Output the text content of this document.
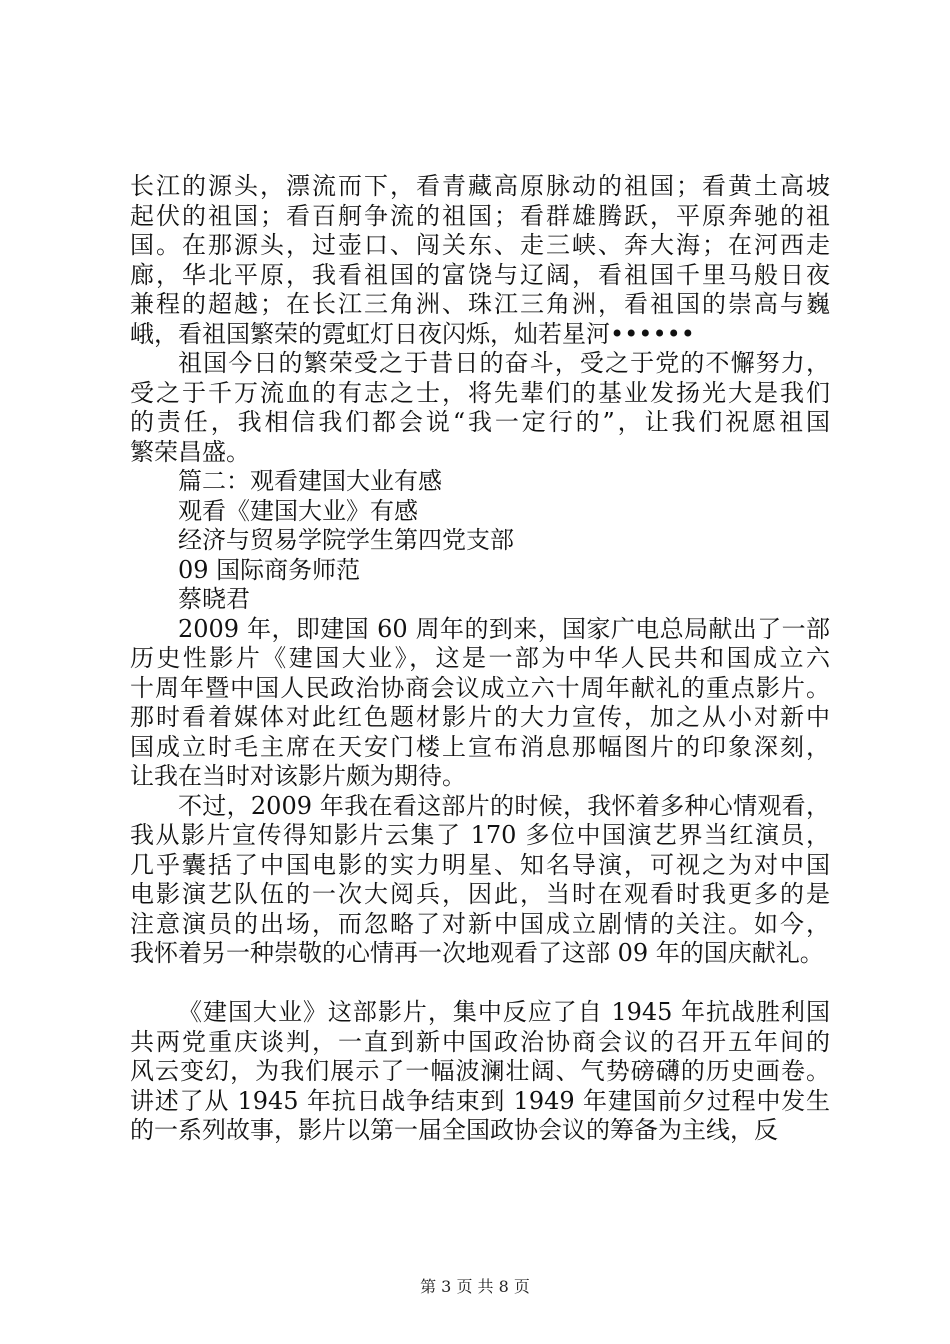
长江的源头，漂流而下，看青藏高原脉动的祖国；看黄土高坡
起伏的祖国；看百舸争流的祖国；看群雄腾跃，平原奔驰的祖
国。在那源头，过壶口、闯关东、走三峡、奔大海；在河西走
廊，华北平原，我看祖国的富饶与辽阔，看祖国千里马般日夜
兼程的超越；在长江三角洲、珠江三角洲，看祖国的崇高与巍
峨，看祖国繁荣的霓虹灯日夜闪烁，灿若星河••••••
祖国今日的繁荣受之于昔日的奋斗，受之于党的不懈努力，
受之于千万流血的有志之士，将先辈们的基业发扬光大是我们
的责任，我相信我们都会说“我一定行的”，让我们祝愿祖国
繁荣昌盛。
篇二：观看建国大业有感
观看《建国大业》有感
经济与贸易学院学生第四党支部
09 国际商务师范
蔡晓君
2009 年，即建国 60 周年的到来，国家广电总局献出了一部
历史性影片《建国大业》，这是一部为中华人民共和国成立六
十周年暨中国人民政治协商会议成立六十周年献礼的重点影片。
那时看着媒体对此红色题材影片的大力宣传，加之从小对新中
国成立时毛主席在天安门楼上宣布消息那幅图片的印象深刻，
让我在当时对该影片颇为期待。
不过，2009 年我在看这部片的时候，我怀着多种心情观看，
我从影片宣传得知影片云集了 170 多位中国演艺界当红演员，
几乎囊括了中国电影的实力明星、知名导演，可视之为对中国
电影演艺队伍的一次大阅兵，因此，当时在观看时我更多的是
注意演员的出场，而忽略了对新中国成立剧情的关注。如今，
我怀着另一种崇敬的心情再一次地观看了这部 09 年的国庆献礼。
《建国大业》这部影片，集中反应了自 1945 年抗战胜利国
共两党重庆谈判，一直到新中国政治协商会议的召开五年间的
风云变幻，为我们展示了一幅波澜壮阔、气势磅礴的历史画卷。
讲述了从 1945 年抗日战争结束到 1949 年建国前夕过程中发生
的一系列故事，影片以第一届全国政协会议的筹备为主线，反
第 3 页 共 8 页
